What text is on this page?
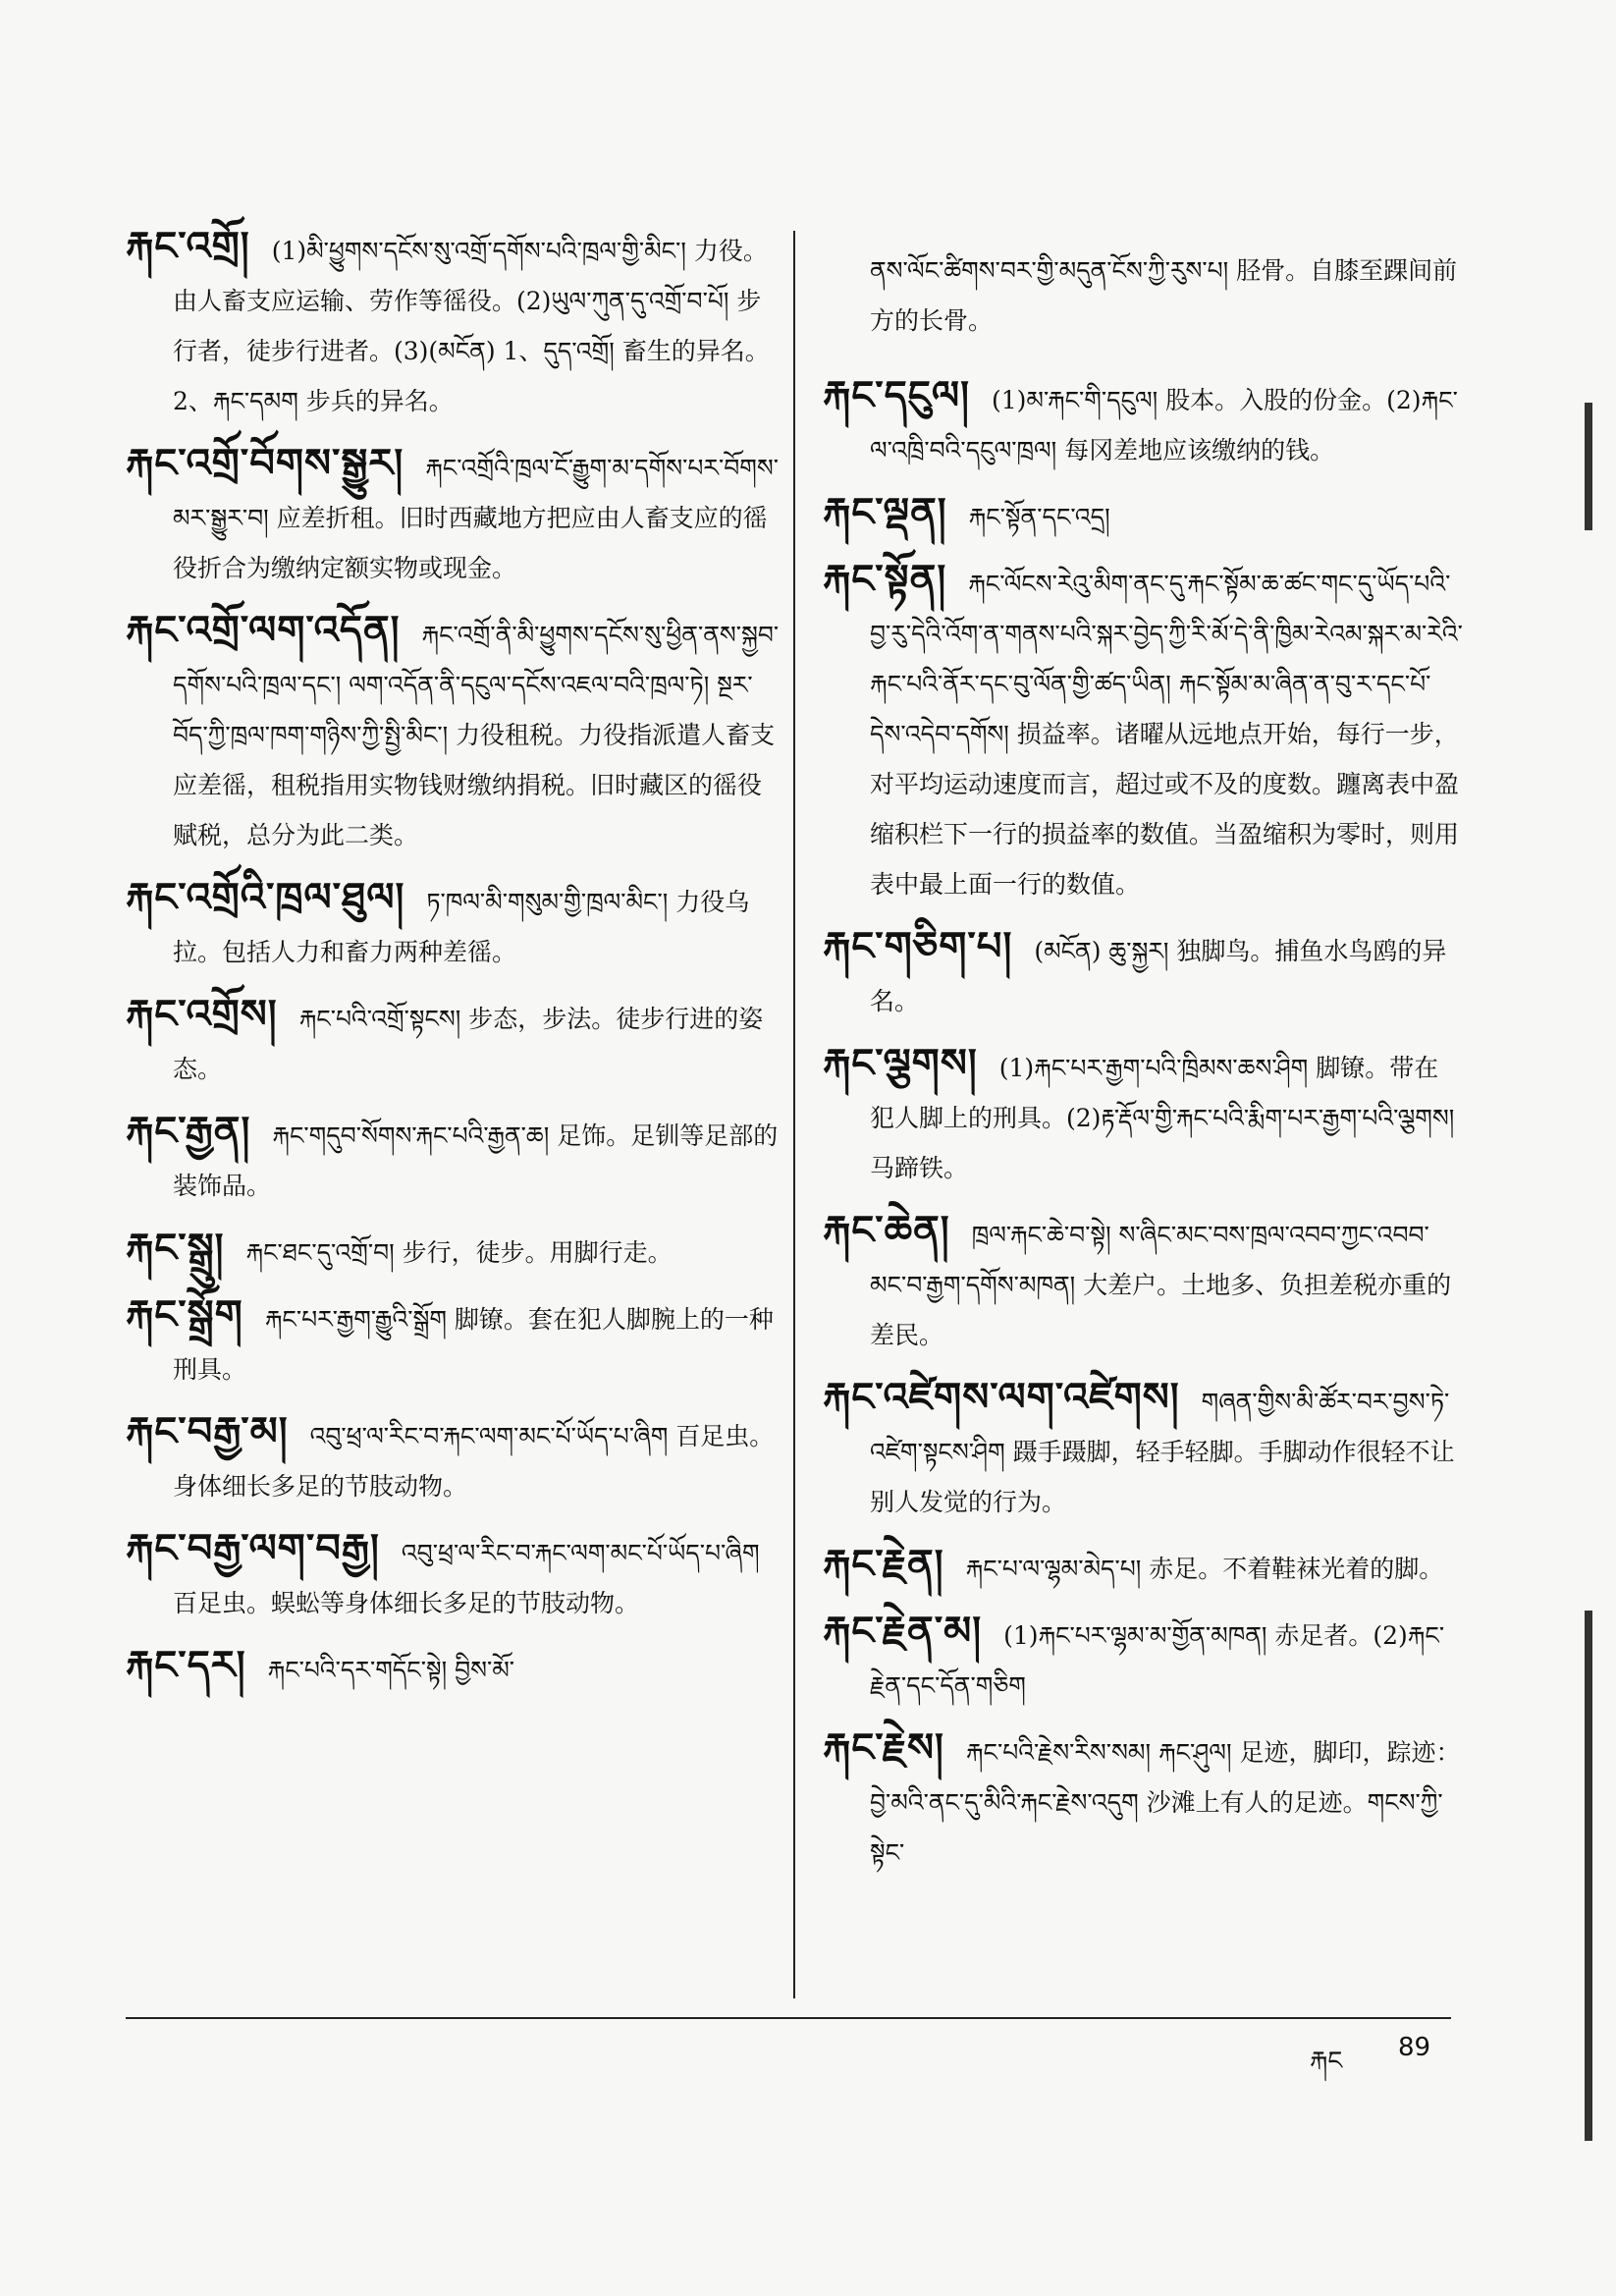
རྐང་འགྲོ། (1)མི་ཕྱུགས་དངོས་སུ་འགྲོ་དགོས་པའི་ཁྲལ་གྱི་མིང་། 力役。由人畜支应运输、劳作等徭役。(2)ཡུལ་ཀུན་དུ་འགྲོ་བ་པོ། 步行者，徒步行进者。(3)(མངོན) 1、དུད་འགྲོ། 畜生的异名。2、རྐང་དམག 步兵的异名。

རྐང་འགྲོ་བོགས་སྒྱུར། རྐང་འགྲོའི་ཁྲལ་ངོ་རྒྱུག་མ་དགོས་པར་བོགས་མར་སྒྱུར་བ། 应差折租。旧时西藏地方把应由人畜支应的徭役折合为缴纳定额实物或现金。

རྐང་འགྲོ་ལག་འདོན། རྐང་འགྲོ་ནི་མི་ཕྱུགས་དངོས་སུ་ཕྱིན་ནས་སྐྱབ་དགོས་པའི་ཁྲལ་དང་། ལག་འདོན་ནི་དངུལ་དངོས་འཇལ་བའི་ཁྲལ་ཏེ། སྔར་བོད་ཀྱི་ཁྲལ་ཁག་གཉིས་ཀྱི་སྤྱི་མིང་། 力役租税。力役指派遣人畜支应差徭，租税指用实物钱财缴纳捐税。旧时藏区的徭役赋税，总分为此二类。

རྐང་འགྲོའི་ཁྲལ་ཐུལ། ཏ་ཁལ་མི་གསུམ་གྱི་ཁྲལ་མིང་། 力役乌拉。包括人力和畜力两种差徭。

རྐང་འགྲོས། རྐང་པའི་འགྲོ་སྟངས། 步态，步法。徒步行进的姿态。

རྐང་རྒྱན། རྐང་གདུབ་སོགས་རྐང་པའི་རྒྱན་ཆ། 足饰。足钏等足部的装饰品。

རྐང་སྒྲུ། རྐང་ཐང་དུ་འགྲོ་བ། 步行，徒步。用脚行走。

རྐང་སྒྲོག རྐང་པར་རྒྱག་རྒྱུའི་སྒྲོག 脚镣。套在犯人脚腕上的一种刑具。

རྐང་བརྒྱ་མ། འབུ་ཕྲ་ལ་རིང་བ་རྐང་ལག་མང་པོ་ཡོད་པ་ཞིག 百足虫。身体细长多足的节肢动物。

རྐང་བརྒྱ་ལག་བརྒྱ། འབུ་ཕྲ་ལ་རིང་བ་རྐང་ལག་མང་པོ་ཡོད་པ་ཞིག 百足虫。蜈蚣等身体细长多足的节肢动物。

རྐང་དར། རྐང་པའི་དར་གདོང་སྟེ། བྱིས་མོ་

ནས་ལོང་ཚིགས་བར་གྱི་མདུན་ངོས་ཀྱི་རུས་པ། 胫骨。自膝至踝间前方的长骨。

རྐང་དངུལ། (1)མ་རྐང་གི་དངུལ། 股本。入股的份金。(2)རྐང་ལ་འཁྲི་བའི་དངུལ་ཁྲལ། 每冈差地应该缴纳的钱。

རྐང་ལྡན། རྐང་སྟོན་དང་འདྲ།

རྐང་སྟོན། རྐང་ལོངས་རེའུ་མིག་ནང་དུ་རྐང་སྟོམ་ཆ་ཚང་གང་དུ་ཡོད་པའི་བྱ་རུ་དེའི་འོག་ན་གནས་པའི་སྐར་བྱེད་ཀྱི་རི་མོ་དེ་ནི་ཁྱིམ་རེའམ་སྐར་མ་རེའི་རྐང་པའི་ནོར་དང་བུ་ལོན་གྱི་ཚད་ཡིན། རྐང་སྟོམ་མ་ཞིན་ན་བུ་ར་དང་པོ་དེས་འདེབ་དགོས། 损益率。诸曜从远地点开始，每行一步，对平均运动速度而言，超过或不及的度数。躔离表中盈缩积栏下一行的损益率的数值。当盈缩积为零时，则用表中最上面一行的数值。

རྐང་གཅིག་པ། (མངོན) ཆུ་སྐྱར། 独脚鸟。捕鱼水鸟鸥的异名。

རྐང་ལྕགས། (1)རྐང་པར་རྒྱག་པའི་ཁྲིམས་ཆས་ཤིག 脚镣。带在犯人脚上的刑具。(2)རྟ་རྡོལ་གྱི་རྐང་པའི་རྨིག་པར་རྒྱག་པའི་ལྕགས། 马蹄铁。

རྐང་ཆེན། ཁྲལ་རྐང་ཆེ་བ་སྟེ། ས་ཞིང་མང་བས་ཁྲལ་འབབ་ཀྱང་འབབ་མང་བ་རྒྱག་དགོས་མཁན། 大差户。土地多、负担差税亦重的差民。

རྐང་འཛེགས་ལག་འཛེགས། གཞན་གྱིས་མི་ཚོར་བར་བྱས་ཏེ་འཛེག་སྟངས་ཤིག 蹑手蹑脚，轻手轻脚。手脚动作很轻不让别人发觉的行为。

རྐང་རྗེན། རྐང་པ་ལ་ལྷམ་མེད་པ། 赤足。不着鞋袜光着的脚。

རྐང་རྗེན་མ། (1)རྐང་པར་ལྷམ་མ་གྱོན་མཁན། 赤足者。(2)རྐང་རྗེན་དང་དོན་གཅིག

རྐང་རྗེས། རྐང་པའི་རྗེས་རིས་སམ། རྐང་ཤུལ། 足迹，脚印，踪迹：བྱེ་མའི་ནང་དུ་མིའི་རྐང་རྗེས་འདུག 沙滩上有人的足迹。གངས་ཀྱི་སྟེང་

རྐང 89
